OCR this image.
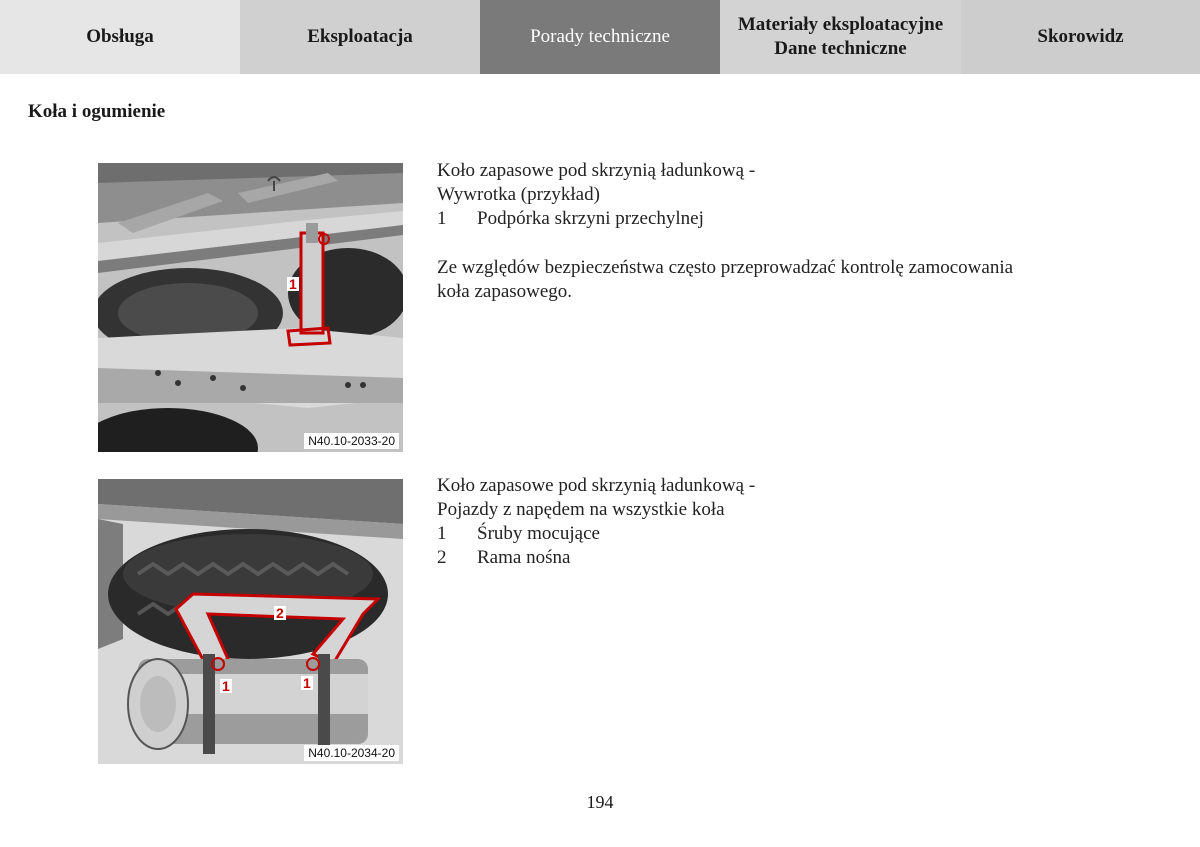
Obsługa	Eksploatacja	Porady techniczne
Materiały eksploatacyjne
Dane techniczne
Skorowidz
Koła i ogumienie
1
N40.10-2033-20
2
1	1
N40.10-2034-20
Koło zapasowe pod skrzynią ładunkową -
Wywrotka (przykład)
1	Podpórka skrzyni przechylnej
Ze względów bezpieczeństwa często przeprowadzać kontrolę zamocowania
koła zapasowego.
Koło zapasowe pod skrzynią ładunkową -
Pojazdy z napędem na wszystkie koła
1	Śruby mocujące
2	Rama nośna
194
